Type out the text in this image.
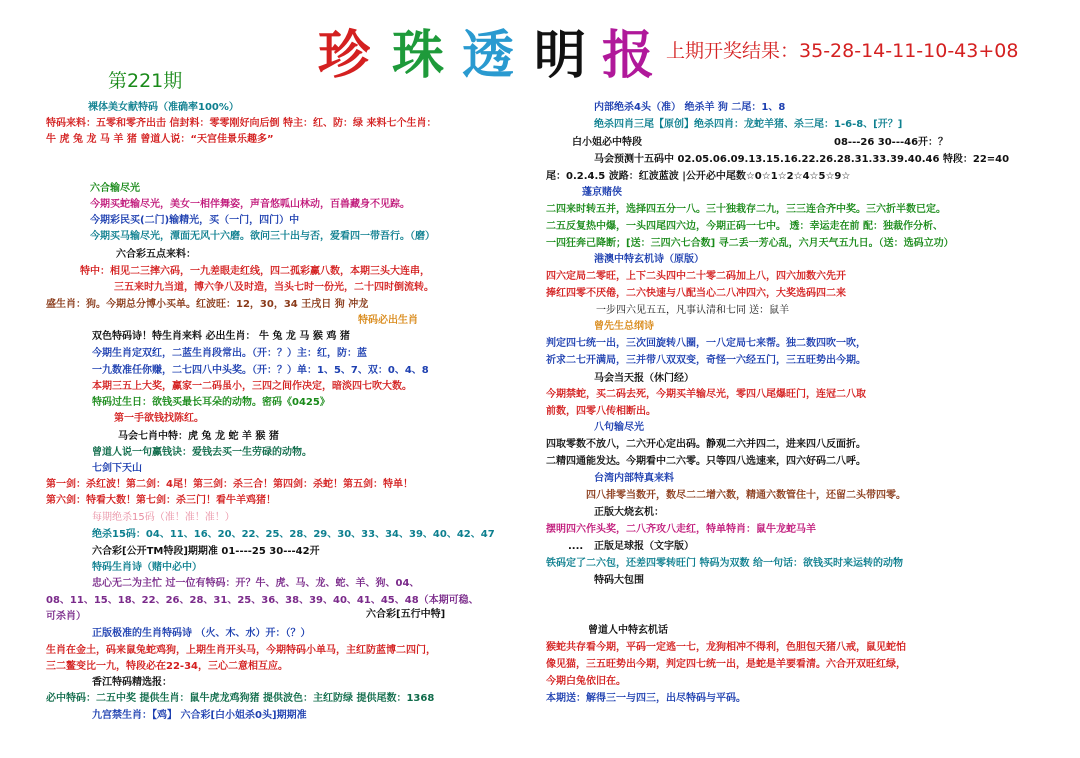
珍 珠 透 明 报
第221期
上期开奖结果：35-28-14-11-10-43+08
裸体美女献特码（准确率100%）
特码来料：五零和零齐出击 信封料：零零刚好向后倒 特主：红、防：绿 来料七个生肖：
牛 虎 兔 龙 马 羊 猪 曾道人说：“天宫佳景乐趣多”
六合输尽光
今期买蛇输尽光，美女一相伴舞姿，声音悠呱山林动，百兽藏身不见踪。
今期彩民买(二门)输精光，买（一门，四门）中
今期买马输尽光，潭面无风十六磨。欲问三十出与否，爱看四一带吾行。（磨）
六合彩五点来料：
特中：相见二三摔六码，一九差眼走红线，四二孤彩赢八数，本期三头大连串，
三五来时九当道，博六争八及时造，当头七时一份光，二十四时倒流转。
盛生肖：狗。今期总分博小买单。红波旺：12，30，34 王戌日 狗 冲龙
特码必出生肖
双色特码诗！特生肖来料 必出生肖： 牛 兔 龙 马 猴 鸡 猪
今期生肖定双红，二蓝生肖段常出。（开：？）主：红，防：蓝
一九数准任你赚，二七四八中头奖。（开：？）单：1、5、7、双：0、4、8
本期三五上大奖，赢家一二码虽小，三四之间作决定，暗淡四七吹大数。
特码过生日：欲钱买最长耳朵的动物。密码《0425》
第一手欲钱找陈红。
马会七肖中特：虎 兔 龙 蛇 羊 猴 猪
曾道人说一句赢钱诀：爱钱去买一生劳碌的动物。
七剑下天山
第一剑：杀红波！第二剑：4尾！第三剑：杀三合！第四剑：杀蛇！第五剑：特单！
第六剑：特看大数！第七剑：杀三门！看牛羊鸡猪！
每期绝杀15码（准！准！准！）
绝杀15码：04、11、16、20、22、25、28、29、30、33、34、39、40、42、47
六合彩[公开TM特段]期期准 01----25 30---42开
特码生肖诗（赌中必中）
忠心无二为主忙 过一位有特码：开？牛、虎、马、龙、蛇、羊、狗、04、
08、11、15、18、22、26、28、31、25、36、38、39、40、41、45、48（本期可稳、
可杀肖）	六合彩[五行中特]
正版极准的生肖特码诗 （火、木、水）开：（？）
生肖在金土，码来鼠兔蛇鸡狗，上期生肖开头马，今期特码小单马，主红防蓝博二四门，
三二鳌变比一九，特段必在22-34，三心二意相互应。
香江特码精选报：
必中特码：二五中奖 提供生肖：鼠牛虎龙鸡狗猪 提供波色：主红防绿 提供尾数：1368
九宫禁生肖：【鸡】 六合彩[白小姐杀0头]期期准
内部绝杀4头（准） 绝杀羊 狗 二尾：1、8
绝杀四肖三尾【原创】绝杀四肖：龙蛇羊猪、杀三尾：1-6-8、[开？]
白小姐必中特段	08---26 30---46开：？
马会预测十五码中 02.05.06.09.13.15.16.22.26.28.31.33.39.40.46 特段：22=40
尾：0.2.4.5 波路：红波蓝波 |公开必中尾数☆0☆1☆2☆4☆5☆9☆
蓬京赌侠
二四来时转五并，选择四五分一八。三十独栽存二九，三三连合齐中奖。三六折半数已定。
二五反复热中爆，一头四尾四六边，今期正码一七中。 透：幸运走在前 配：独裁作分析、
一四狂奔己降断；[送：三四六七合数] 寻二丢一芳心乱，六月天气五九日。（送：选码立功）
港澳中特玄机诗（原版）
四六定局二零旺，上下二头四中二十零二码加上八，四六加数六先开
捧红四零不厌倦，二六快速与八配当心二八冲四六，大奖选码四二来
一步四六见五五，凡事认清和七同 送：鼠羊
曾先生总纲诗
判定四七统一出，三次回旋转八圈，一八定局七来帮。独二数四吹一吹，
祈求二七开满局，三并带八双双变，奇怪一六经五门，三五旺势出今期。
马会当天报（休门经）
今期禁蛇，买二码去死，今期买羊输尽光，零四八尾爆旺门，连冠二八取
前数，四零八传相断出。
八句输尽光
四取零数不放八，二六开心定出码。静观二六并四二，进来四八反面折。
二精四通能发达。今期看中二六零。只等四八选速来，四六好码二八呼。
台湾内部特真来料
四八排零当数开，数尽二二增六数，精通六数管住十，还留二头带四零。
正版大烧玄机：
摆明四六作头奖，二八齐攻八走红，特单特肖：鼠牛龙蛇马羊
.... 正版足球报（文字版）
铁码定了二六包，还差四零转旺门 特码为双数 给一句话：欲钱买时来运转的动物
特码大包围
曾道人中特玄机话
猴蛇共存看今期，平码一定逃一七，龙狗相冲不得利，色胆包天猪八戒，鼠见蛇怕
像见猫，三五旺势出今期，判定四七统一出，是蛇是羊要看清。六合开双旺红绿，
今期白兔依旧在。
本期送：解得三一与四三，出尽特码与平码。
